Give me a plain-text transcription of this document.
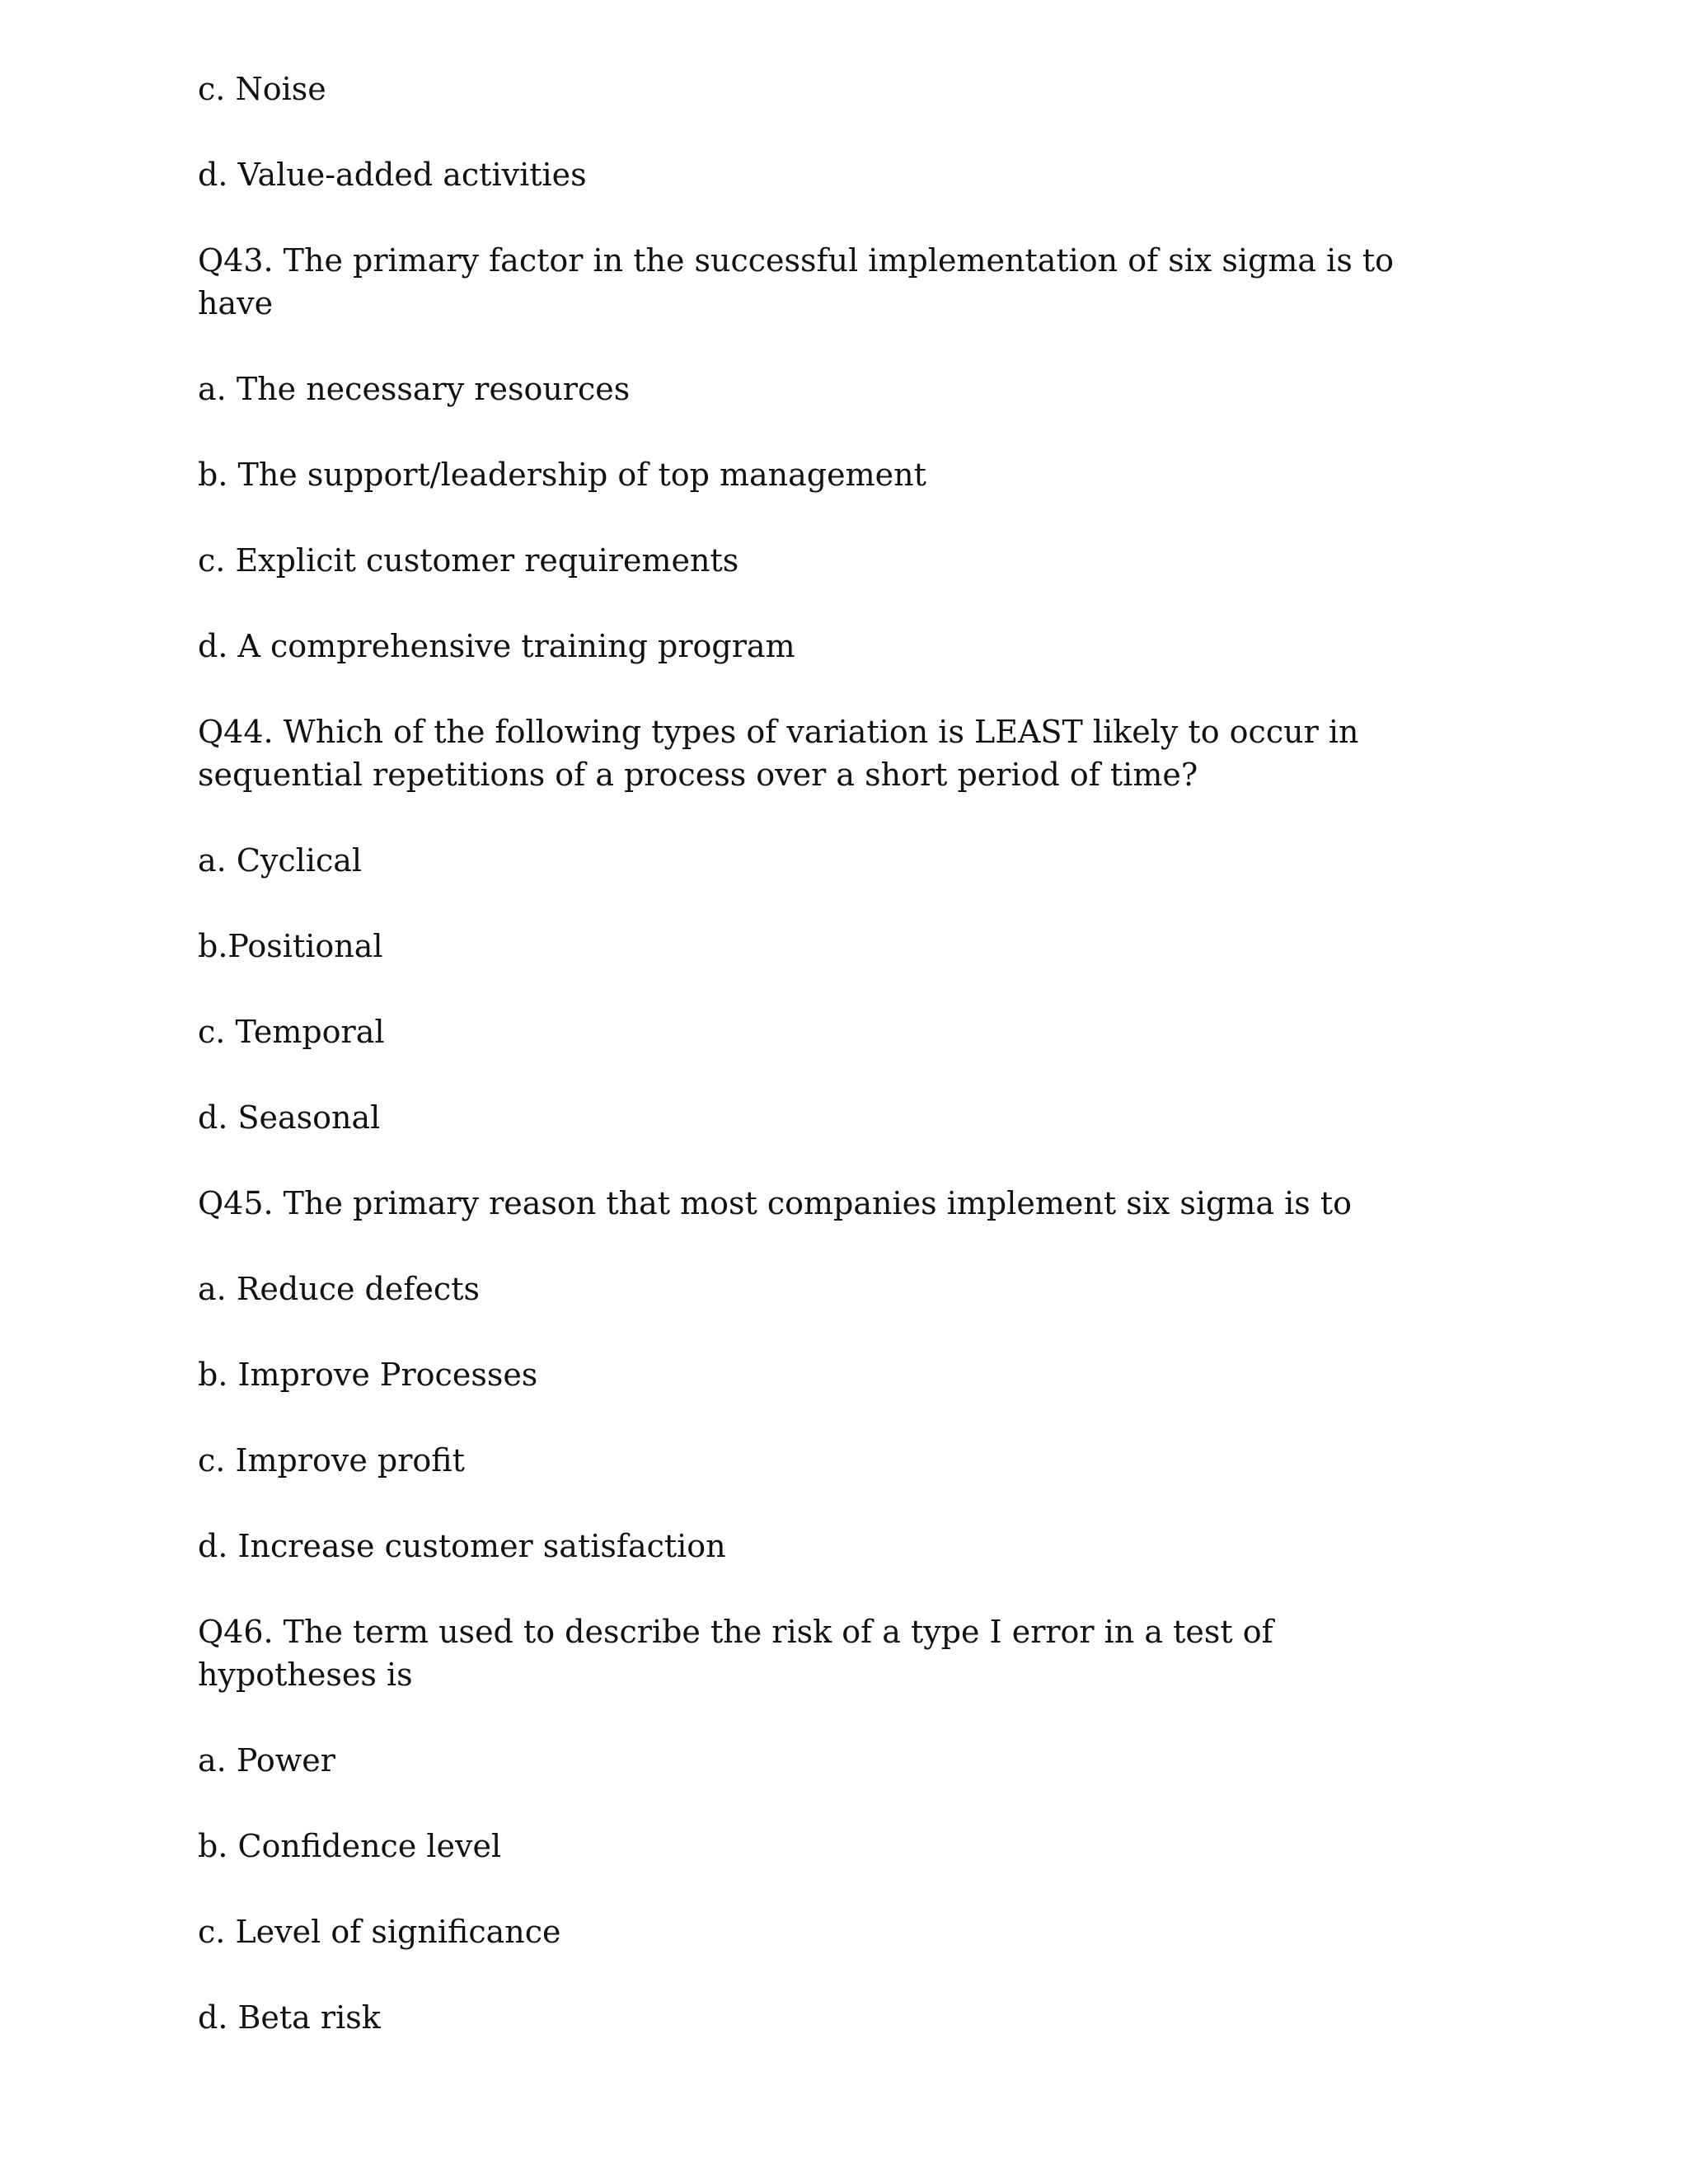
c. Noise

d. Value-added activities

Q43. The primary factor in the successful implementation of six sigma is to have

a. The necessary resources

b. The support/leadership of top management

c. Explicit customer requirements

d. A comprehensive training program

Q44. Which of the following types of variation is LEAST likely to occur in sequential repetitions of a process over a short period of time?

a. Cyclical

b.Positional

c. Temporal

d. Seasonal

Q45. The primary reason that most companies implement six sigma is to

a. Reduce defects

b. Improve Processes

c. Improve profit

d. Increase customer satisfaction

Q46. The term used to describe the risk of a type I error in a test of hypotheses is

a. Power

b. Confidence level

c. Level of significance

d. Beta risk
